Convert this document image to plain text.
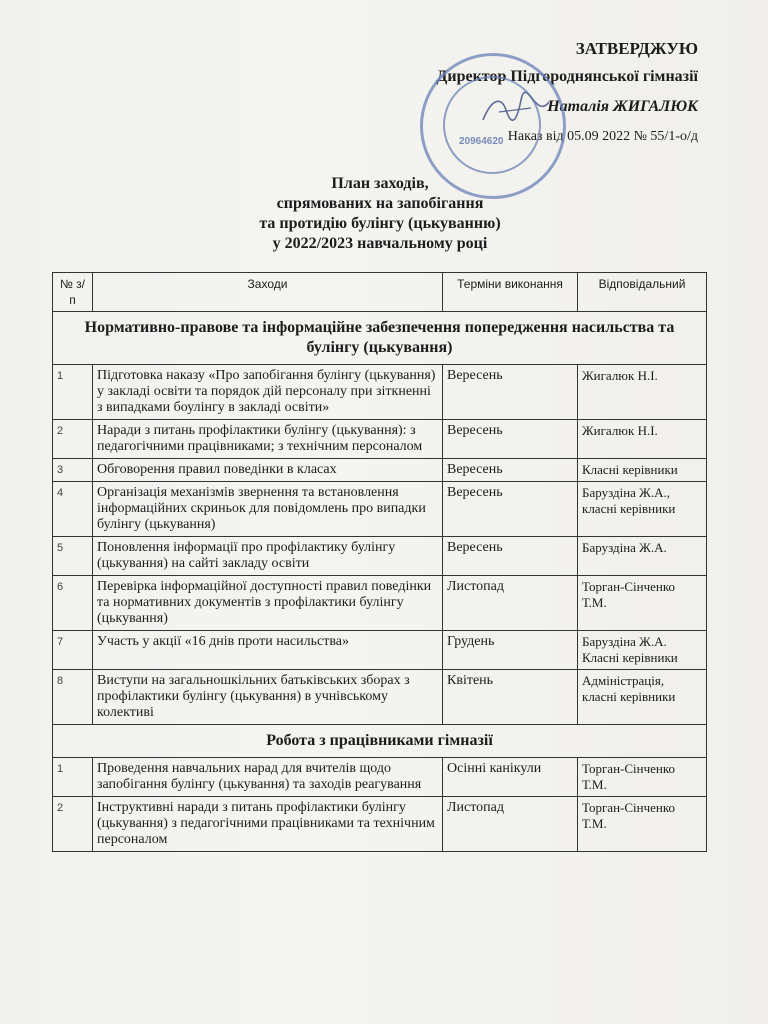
ЗАТВЕРДЖУЮ
Директор Підгороднянської гімназії
Наталія ЖИГАЛЮК
Наказ від 05.09 2022 № 55/1-о/д
20964620
План заходів,
спрямованих на запобігання
та протидію булінгу (цькуванню)
у 2022/2023 навчальному році
№ з/п	Заходи	Терміни виконання	Відповідальний
Нормативно-правове та інформаційне забезпечення попередження насильства та булінгу (цькування)			
1	Підготовка наказу «Про запобігання булінгу (цькування) у закладі освіти та порядок дій персоналу при зіткненні з випадками боулінгу в закладі освіти»	Вересень	Жигалюк Н.І.
2	Наради з питань профілактики булінгу (цькування): з педагогічними працівниками; з технічним персоналом	Вересень	Жигалюк Н.І.
3	Обговорення правил поведінки в класах	Вересень	Класні керівники
4	Організація механізмів звернення та встановлення інформаційних скриньок для повідомлень про випадки булінгу (цькування)	Вересень	Баруздіна Ж.А., класні керівники
5	Поновлення інформації про профілактику булінгу (цькування) на сайті закладу освіти	Вересень	Баруздіна Ж.А.
6	Перевірка інформаційної доступності правил поведінки та нормативних документів з профілактики булінгу (цькування)	Листопад	Торган-Сінченко Т.М.
7	Участь у акції «16 днів проти насильства»	Грудень	Баруздіна Ж.А. Класні керівники
8	Виступи на загальношкільних батьківських зборах з профілактики булінгу (цькування) в учнівському колективі	Квітень	Адміністрація, класні керівники
Робота з працівниками гімназії			
1	Проведення навчальних нарад для вчителів щодо запобігання булінгу (цькування) та заходів реагування	Осінні канікули	Торган-Сінченко Т.М.
2	Інструктивні наради з питань профілактики булінгу (цькування) з педагогічними працівниками та технічним персоналом	Листопад	Торган-Сінченко Т.М.
